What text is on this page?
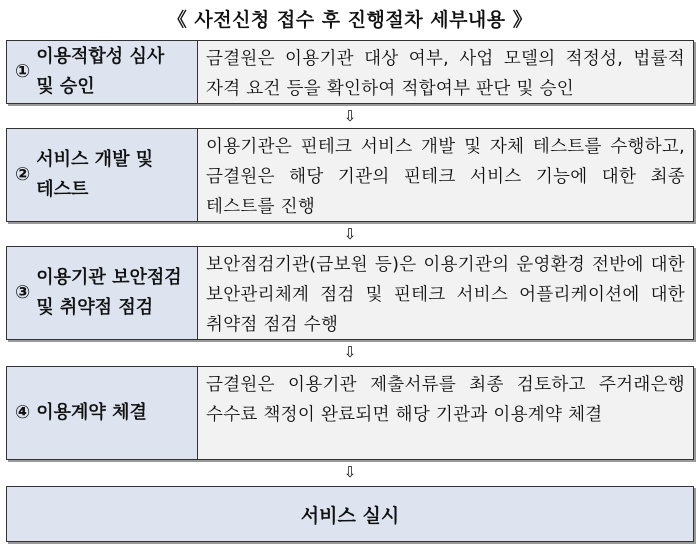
《 사전신청 접수 후 진행절차 세부내용 》
①
이용적합성 심사
및 승인
금결원은 이용기관 대상 여부, 사업 모델의 적정성, 법률적 자격 요건 등을 확인하여 적합여부 판단 및 승인
⇩
②
서비스 개발 및
테스트
이용기관은 핀테크 서비스 개발 및 자체 테스트를 수행하고, 금결원은 해당 기관의 핀테크 서비스 기능에 대한 최종 테스트를 진행
⇩
③
이용기관 보안점검
및 취약점 점검
보안점검기관(금보원 등)은 이용기관의 운영환경 전반에 대한 보안관리체계 점검 및 핀테크 서비스 어플리케이션에 대한 취약점 점검 수행
⇩
④ 이용계약 체결
금결원은 이용기관 제출서류를 최종 검토하고 주거래은행 수수료 책정이 완료되면 해당 기관과 이용계약 체결
⇩
서비스 실시
